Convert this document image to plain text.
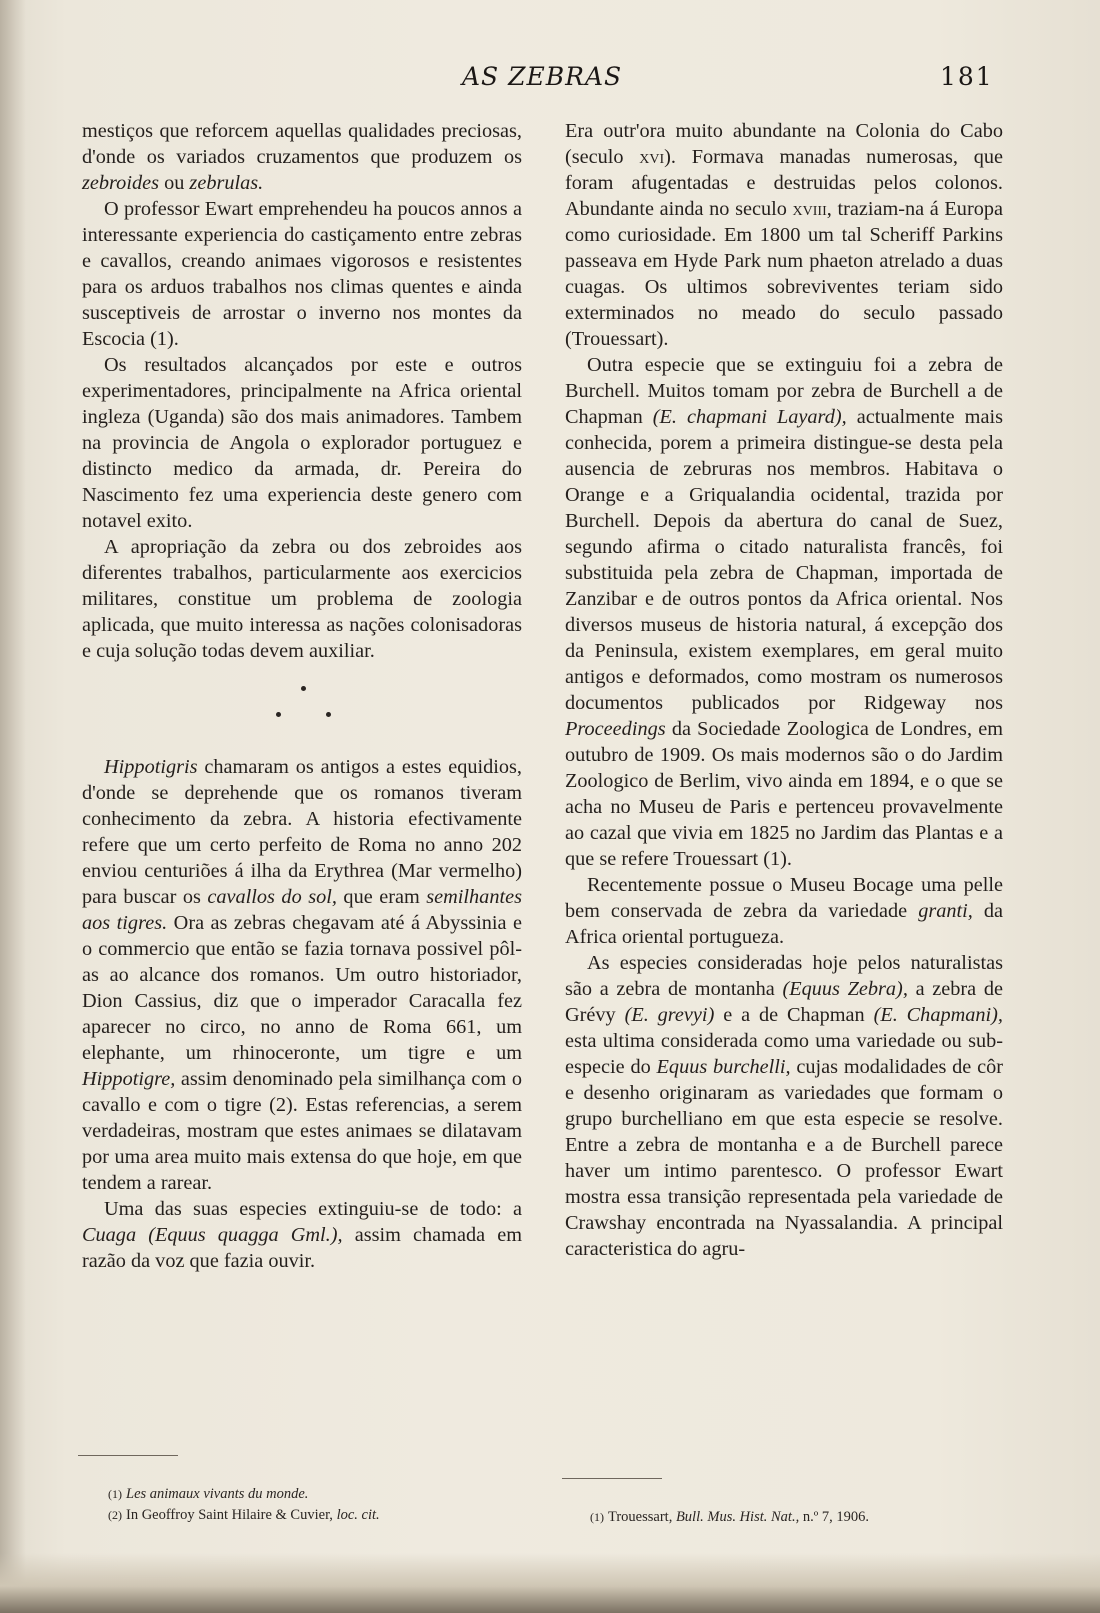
AS ZEBRAS	181

mestiços que reforcem aquellas qualidades preciosas, d'onde os variados cruzamentos que produzem os zebroides ou zebrulas.

O professor Ewart emprehendeu ha poucos annos a interessante experiencia do castiçamento entre zebras e cavallos, creando animaes vigorosos e resistentes para os arduos trabalhos nos climas quentes e ainda susceptiveis de arrostar o inverno nos montes da Escocia (1).

Os resultados alcançados por este e outros experimentadores, principalmente na Africa oriental ingleza (Uganda) são dos mais animadores. Tambem na provincia de Angola o explorador portuguez e distincto medico da armada, dr. Pereira do Nascimento fez uma experiencia deste genero com notavel exito.

A apropriação da zebra ou dos zebroides aos diferentes trabalhos, particularmente aos exercicios militares, constitue um problema de zoologia aplicada, que muito interessa as nações colonisadoras e cuja solução todas devem auxiliar.

Hippotigris chamaram os antigos a estes equidios, d'onde se deprehende que os romanos tiveram conhecimento da zebra. A historia efectivamente refere que um certo perfeito de Roma no anno 202 enviou centuriões á ilha da Erythrea (Mar vermelho) para buscar os cavallos do sol, que eram semilhantes aos tigres. Ora as zebras chegavam até á Abyssinia e o commercio que então se fazia tornava possivel pôl-as ao alcance dos romanos. Um outro historiador, Dion Cassius, diz que o imperador Caracalla fez aparecer no circo, no anno de Roma 661, um elephante, um rhinoceronte, um tigre e um Hippotigre, assim denominado pela similhança com o cavallo e com o tigre (2). Estas referencias, a serem verdadeiras, mostram que estes animaes se dilatavam por uma area muito mais extensa do que hoje, em que tendem a rarear.

Uma das suas especies extinguiu-se de todo: a Cuaga (Equus quagga Gml.), assim chamada em razão da voz que fazia ouvir.

Era outr'ora muito abundante na Colonia do Cabo (seculo xvi). Formava manadas numerosas, que foram afugentadas e destruidas pelos colonos. Abundante ainda no seculo xviii, traziam-na á Europa como curiosidade. Em 1800 um tal Scheriff Parkins passeava em Hyde Park num phaeton atrelado a duas cuagas. Os ultimos sobreviventes teriam sido exterminados no meado do seculo passado (Trouessart).

Outra especie que se extinguiu foi a zebra de Burchell. Muitos tomam por zebra de Burchell a de Chapman (E. chapmani Layard), actualmente mais conhecida, porem a primeira distingue-se desta pela ausencia de zebruras nos membros. Habitava o Orange e a Griqualandia ocidental, trazida por Burchell. Depois da abertura do canal de Suez, segundo afirma o citado naturalista francês, foi substituida pela zebra de Chapman, importada de Zanzibar e de outros pontos da Africa oriental. Nos diversos museus de historia natural, á excepção dos da Peninsula, existem exemplares, em geral muito antigos e deformados, como mostram os numerosos documentos publicados por Ridgeway nos Proceedings da Sociedade Zoologica de Londres, em outubro de 1909. Os mais modernos são o do Jardim Zoologico de Berlim, vivo ainda em 1894, e o que se acha no Museu de Paris e pertenceu provavelmente ao cazal que vivia em 1825 no Jardim das Plantas e a que se refere Trouessart (1).

Recentemente possue o Museu Bocage uma pelle bem conservada de zebra da variedade granti, da Africa oriental portugueza.

As especies consideradas hoje pelos naturalistas são a zebra de montanha (Equus Zebra), a zebra de Grévy (E. grevyi) e a de Chapman (E. Chapmani), esta ultima considerada como uma variedade ou sub-especie do Equus burchelli, cujas modalidades de côr e desenho originaram as variedades que formam o grupo burchelliano em que esta especie se resolve. Entre a zebra de montanha e a de Burchell parece haver um intimo parentesco. O professor Ewart mostra essa transição representada pela variedade de Crawshay encontrada na Nyassalandia. A principal caracteristica do agru-

(1) Les animaux vivants du monde.
(2) In Geoffroy Saint Hilaire & Cuvier, loc. cit.	(1) Trouessart, Bull. Mus. Hist. Nat., n.º 7, 1906.
